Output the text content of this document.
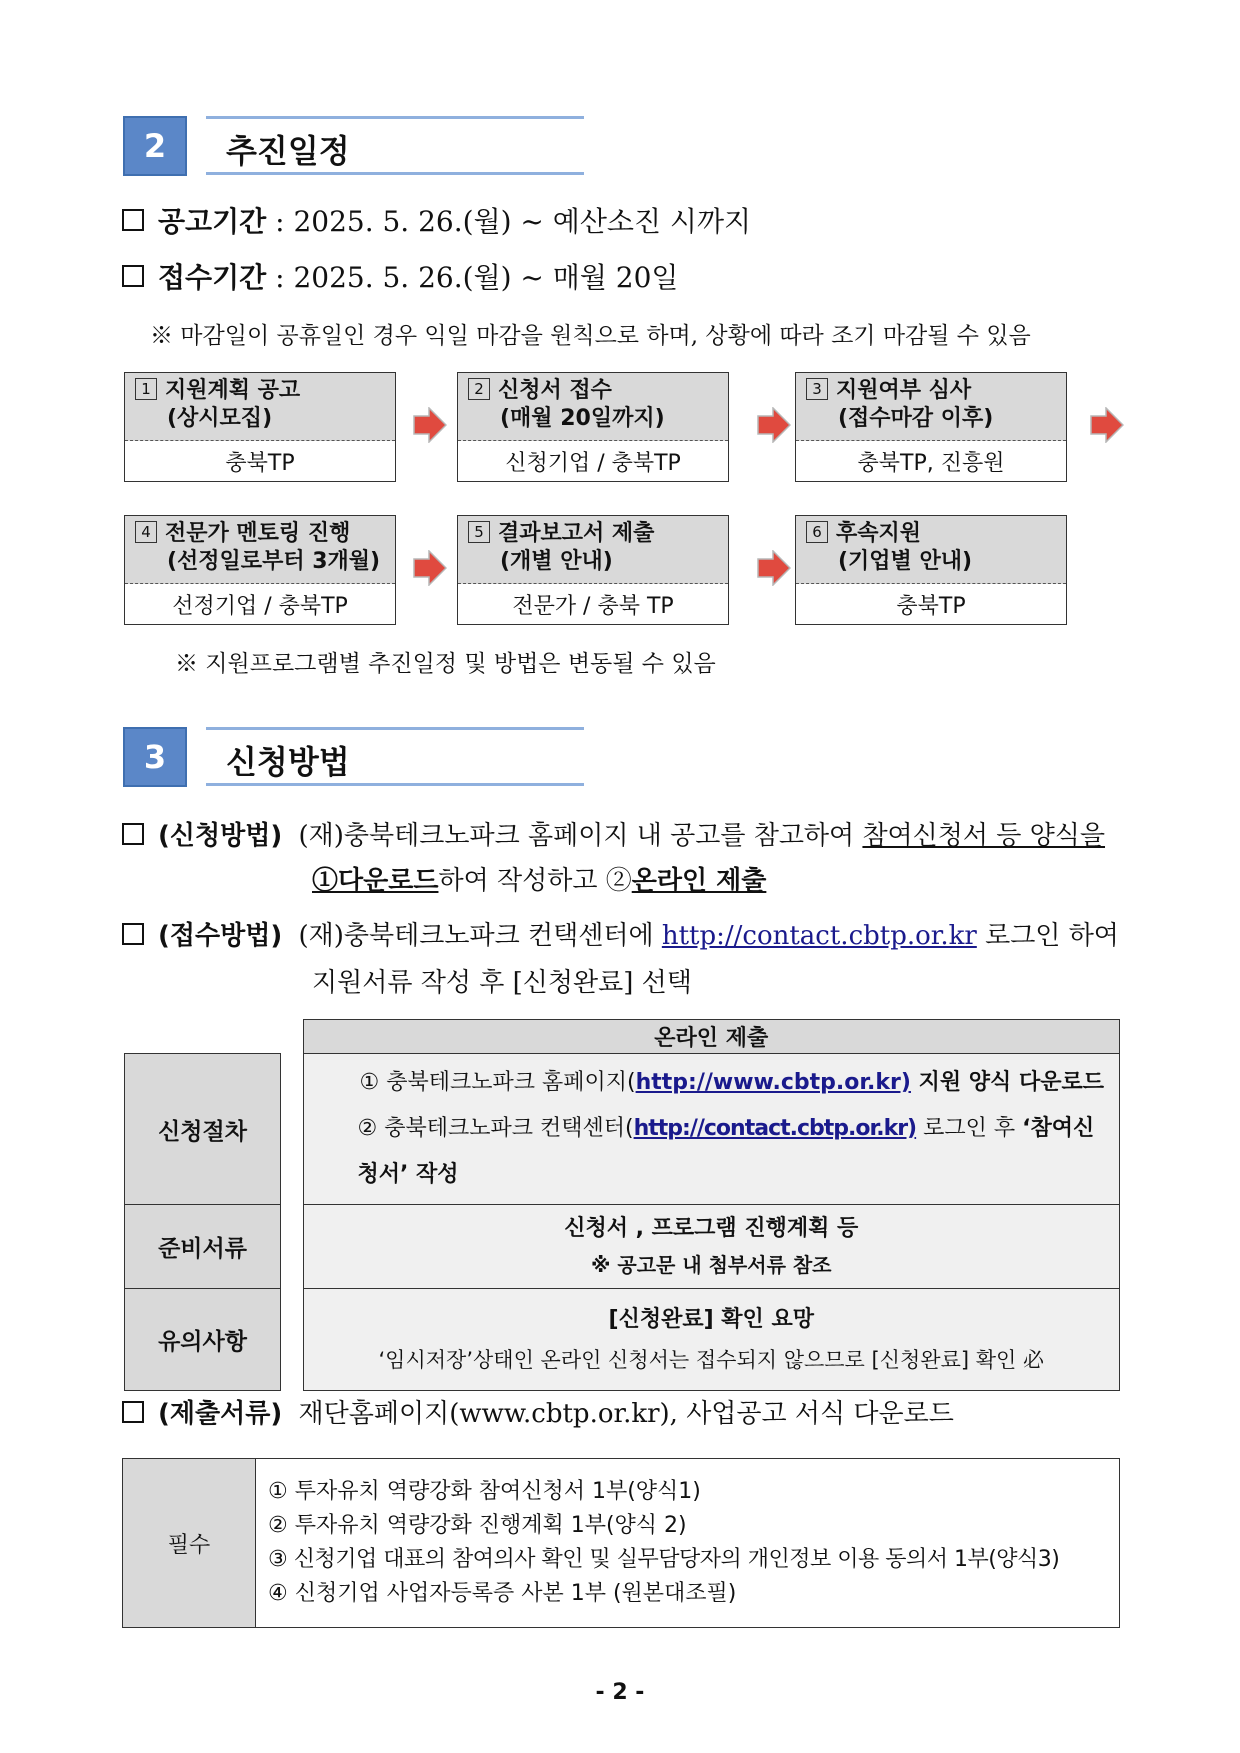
2	추진일정
공고기간 : 2025. 5. 26.(월) ~ 예산소진 시까지
접수기간 : 2025. 5. 26.(월) ~ 매월 20일
※ 마감일이 공휴일인 경우 익일 마감을 원칙으로 하며, 상황에 따라 조기 마감될 수 있음
1 지원계획 공고
(상시모집)
충북TP
2 신청서 접수
(매월 20일까지)
신청기업 / 충북TP
3 지원여부 심사
(접수마감 이후)
충북TP, 진흥원
4 전문가 멘토링 진행
(선정일로부터 3개월)
선정기업 / 충북TP
5 결과보고서 제출
(개별 안내)
전문가 / 충북 TP
6 후속지원
(기업별 안내)
충북TP
※ 지원프로그램별 추진일정 및 방법은 변동될 수 있음
3	신청방법
(신청방법) (재)충북테크노파크 홈페이지 내 공고를 참고하여 참여신청서 등 양식을
①다운로드하여 작성하고 ②온라인 제출
(접수방법) (재)충북테크노파크 컨택센터에 http://contact.cbtp.or.kr 로그인 하여
지원서류 작성 후 [신청완료] 선택
		온라인 제출
신청절차		① 충북테크노파크 홈페이지(http://www.cbtp.or.kr) 지원 양식 다운로드
② 충북테크노파크 컨택센터(http://contact.cbtp.or.kr) 로그인 후 ‘참여신청서’ 작성

준비서류		신청서 , 프로그램 진행계획 등
※ 공고문 내 첨부서류 참조

유의사항		[신청완료] 확인 요망
‘임시저장’상태인 온라인 신청서는 접수되지 않으므로 [신청완료] 확인 必
(제출서류) 재단홈페이지(www.cbtp.or.kr), 사업공고 서식 다운로드
필수	
① 투자유치 역량강화 참여신청서 1부(양식1)
② 투자유치 역량강화 진행계획 1부(양식 2)
③ 신청기업 대표의 참여의사 확인 및 실무담당자의 개인정보 이용 동의서 1부(양식3)
④ 신청기업 사업자등록증 사본 1부 (원본대조필)
- 2 -
